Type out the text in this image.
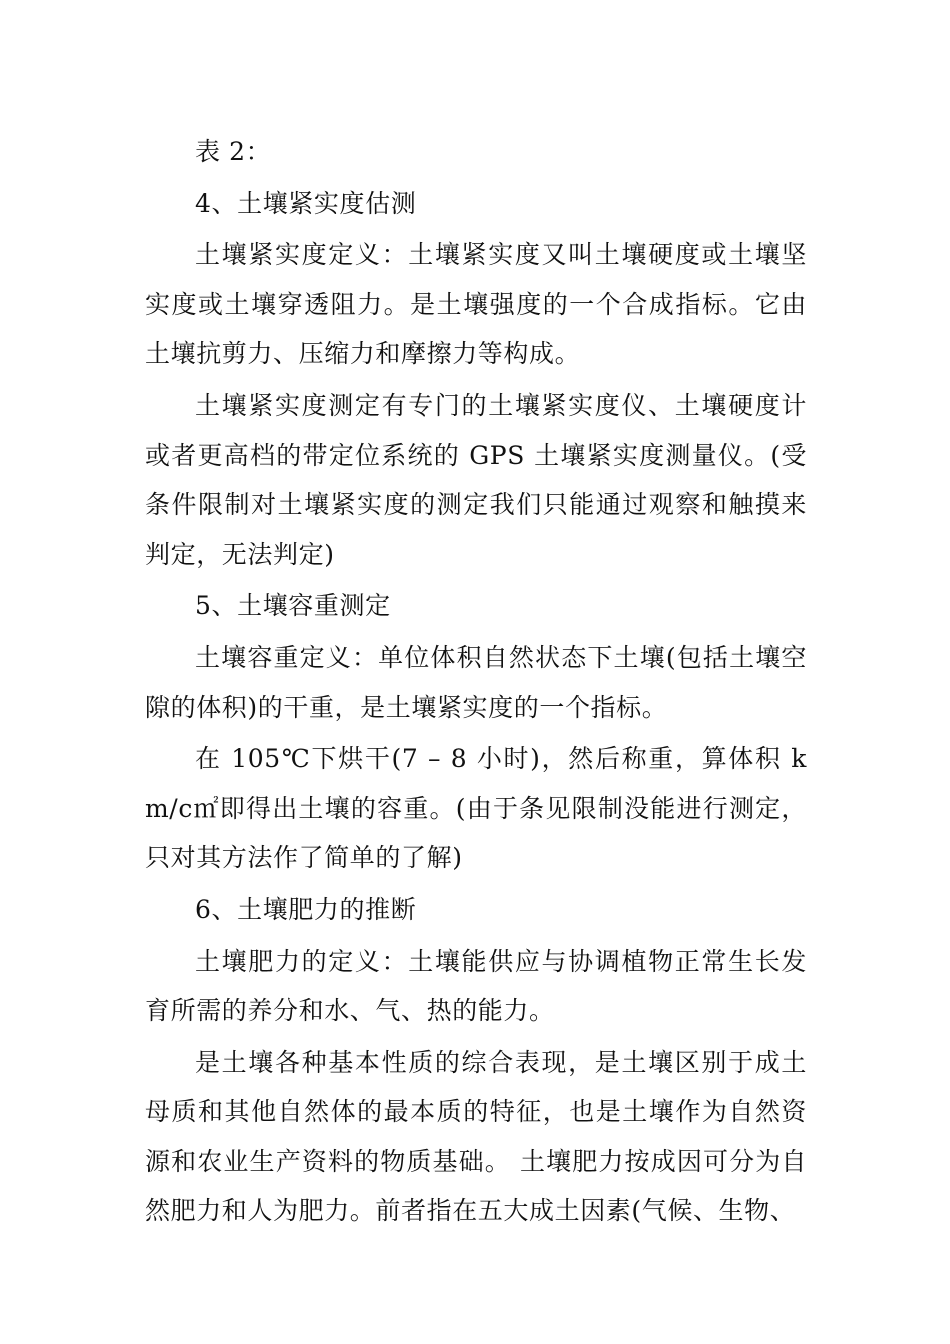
表 2：

4、土壤紧实度估测

土壤紧实度定义：土壤紧实度又叫土壤硬度或土壤坚实度或土壤穿透阻力。是土壤强度的一个合成指标。它由土壤抗剪力、压缩力和摩擦力等构成。

土壤紧实度测定有专门的土壤紧实度仪、土壤硬度计或者更高档的带定位系统的 GPS 土壤紧实度测量仪。(受条件限制对土壤紧实度的测定我们只能通过观察和触摸来判定，无法判定)

5、土壤容重测定

土壤容重定义：单位体积自然状态下土壤(包括土壤空隙的体积)的干重，是土壤紧实度的一个指标。

在 105℃下烘干(7 – 8 小时)，然后称重，算体积 km/c㎡即得出土壤的容重。(由于条见限制没能进行测定，只对其方法作了简单的了解)

6、土壤肥力的推断

土壤肥力的定义：土壤能供应与协调植物正常生长发育所需的养分和水、气、热的能力。

是土壤各种基本性质的综合表现，是土壤区别于成土母质和其他自然体的最本质的特征，也是土壤作为自然资源和农业生产资料的物质基础。 土壤肥力按成因可分为自然肥力和人为肥力。前者指在五大成土因素(气候、生物、
